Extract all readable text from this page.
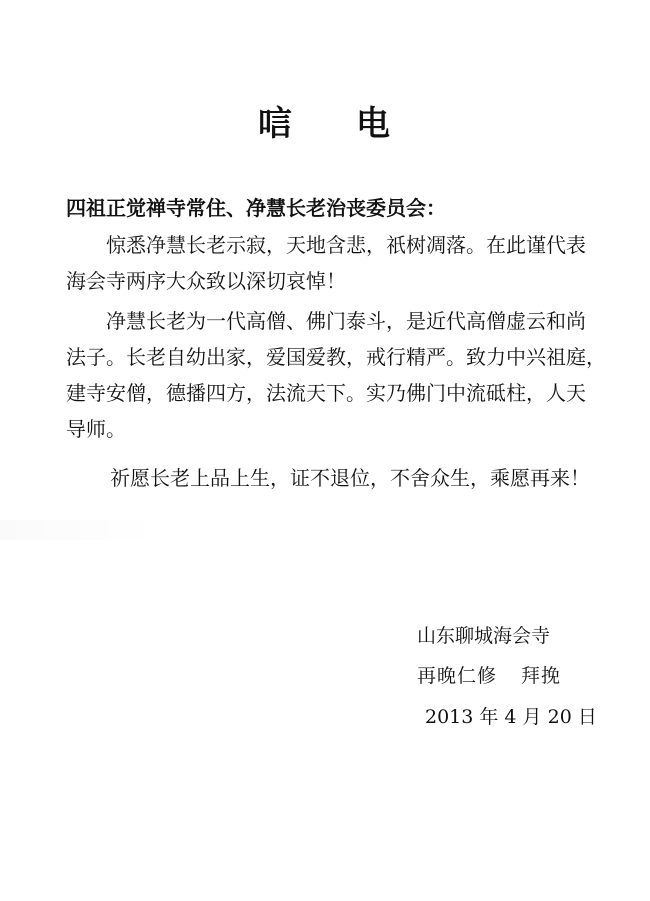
唁 电
四祖正觉禅寺常住、净慧长老治丧委员会：
惊悉净慧长老示寂，天地含悲，祇树凋落。在此谨代表
海会寺两序大众致以深切哀悼！
净慧长老为一代高僧、佛门泰斗，是近代高僧虚云和尚
法子。长老自幼出家，爱国爱教，戒行精严。致力中兴祖庭，
建寺安僧，德播四方，法流天下。实乃佛门中流砥柱，人天
导师。
祈愿长老上品上生，证不退位，不舍众生，乘愿再来！
山东聊城海会寺
再晚仁修 拜挽
2013 年 4 月 20 日
